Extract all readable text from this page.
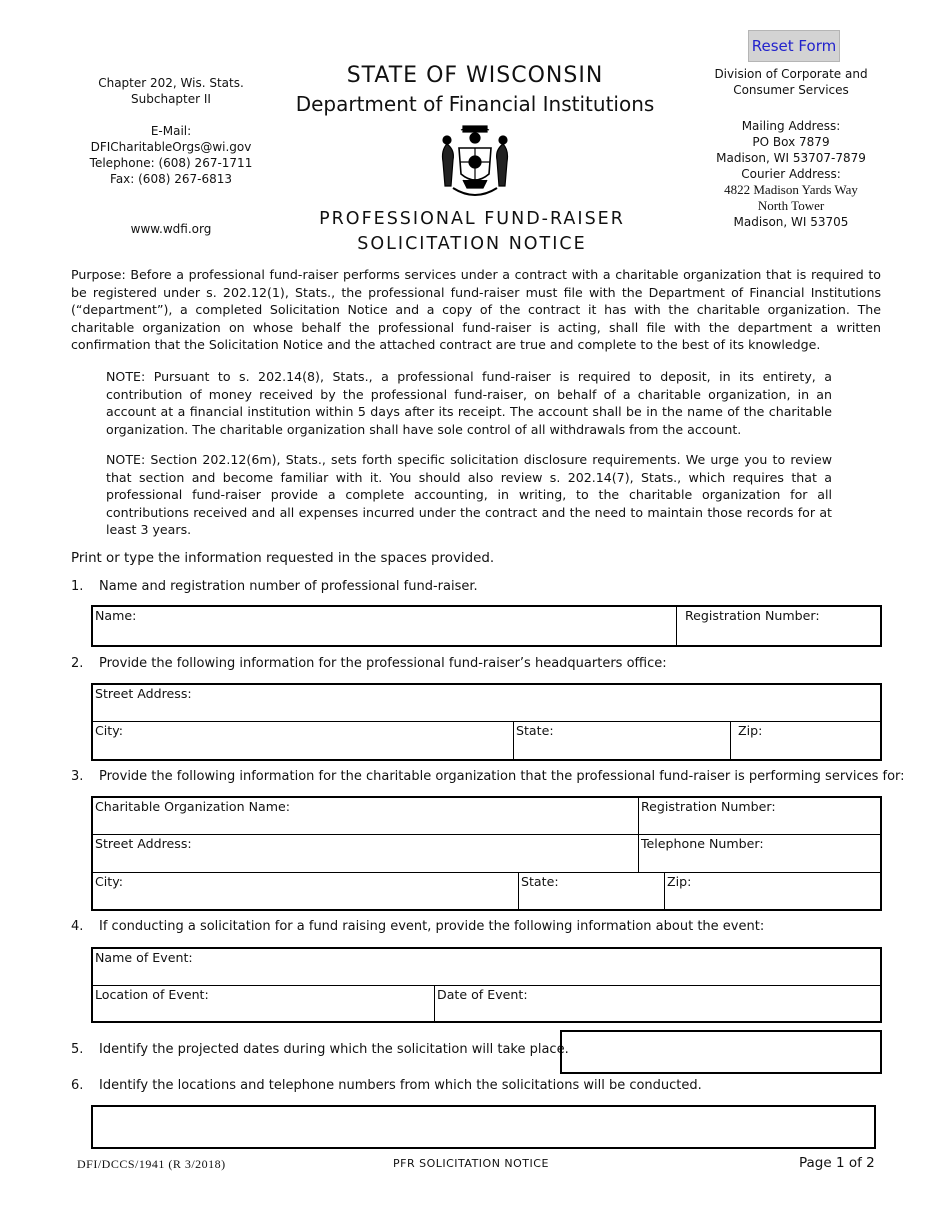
Reset Form
Chapter 202, Wis. Stats.
Subchapter II
E-Mail:
DFICharitableOrgs@wi.gov
Telephone: (608) 267-1711
Fax: (608) 267-6813
www.wdfi.org
STATE OF WISCONSIN
Department of Financial Institutions
PROFESSIONAL FUND-RAISER
SOLICITATION NOTICE
Division of Corporate and
Consumer Services
Mailing Address:
PO Box 7879
Madison, WI 53707-7879
Courier Address:
4822 Madison Yards Way
North Tower
Madison, WI 53705
Purpose: Before a professional fund-raiser performs services under a contract with a charitable organization that is required to be registered under s. 202.12(1), Stats., the professional fund-raiser must file with the Department of Financial Institutions (“department”), a completed Solicitation Notice and a copy of the contract it has with the charitable organization. The charitable organization on whose behalf the professional fund-raiser is acting, shall file with the department a written confirmation that the Solicitation Notice and the attached contract are true and complete to the best of its knowledge.
NOTE: Pursuant to s. 202.14(8), Stats., a professional fund-raiser is required to deposit, in its entirety, a contribution of money received by the professional fund-raiser, on behalf of a charitable organization, in an account at a financial institution within 5 days after its receipt. The account shall be in the name of the charitable organization. The charitable organization shall have sole control of all withdrawals from the account.
NOTE: Section 202.12(6m), Stats., sets forth specific solicitation disclosure requirements. We urge you to review that section and become familiar with it. You should also review s. 202.14(7), Stats., which requires that a professional fund-raiser provide a complete accounting, in writing, to the charitable organization for all contributions received and all expenses incurred under the contract and the need to maintain those records for at least 3 years.
Print or type the information requested in the spaces provided.
1. Name and registration number of professional fund-raiser.
Name:	Registration Number:
2. Provide the following information for the professional fund-raiser’s headquarters office:
Street Address:
City:	State:	Zip:
3. Provide the following information for the charitable organization that the professional fund-raiser is performing services for:
Charitable Organization Name:	Registration Number:
Street Address:	Telephone Number:
City:	State:	Zip:
4. If conducting a solicitation for a fund raising event, provide the following information about the event:
Name of Event:
Location of Event:	Date of Event:
5. Identify the projected dates during which the solicitation will take place.
6. Identify the locations and telephone numbers from which the solicitations will be conducted.
DFI/DCCS/1941 (R 3/2018)	PFR SOLICITATION NOTICE	Page 1 of 2
